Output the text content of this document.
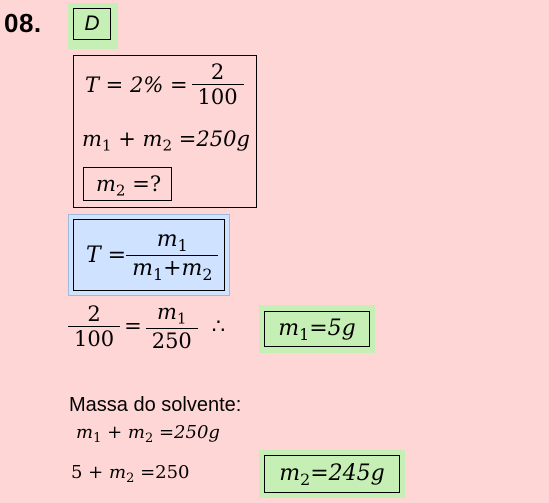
08.	D
$T = 2\% = \frac{2}{100}$
$m_1 + m_2 =250g$
$m_2$ =?
$T = \frac{m_1}{m_1+m_2}$
$\frac{2}{100} = \frac{m_1}{250}$ ∴	$m_1=5g$
Massa do solvente:
$m_1 + m_2 =250g$
$5 + m_2 =250$	$m_2=245g$
